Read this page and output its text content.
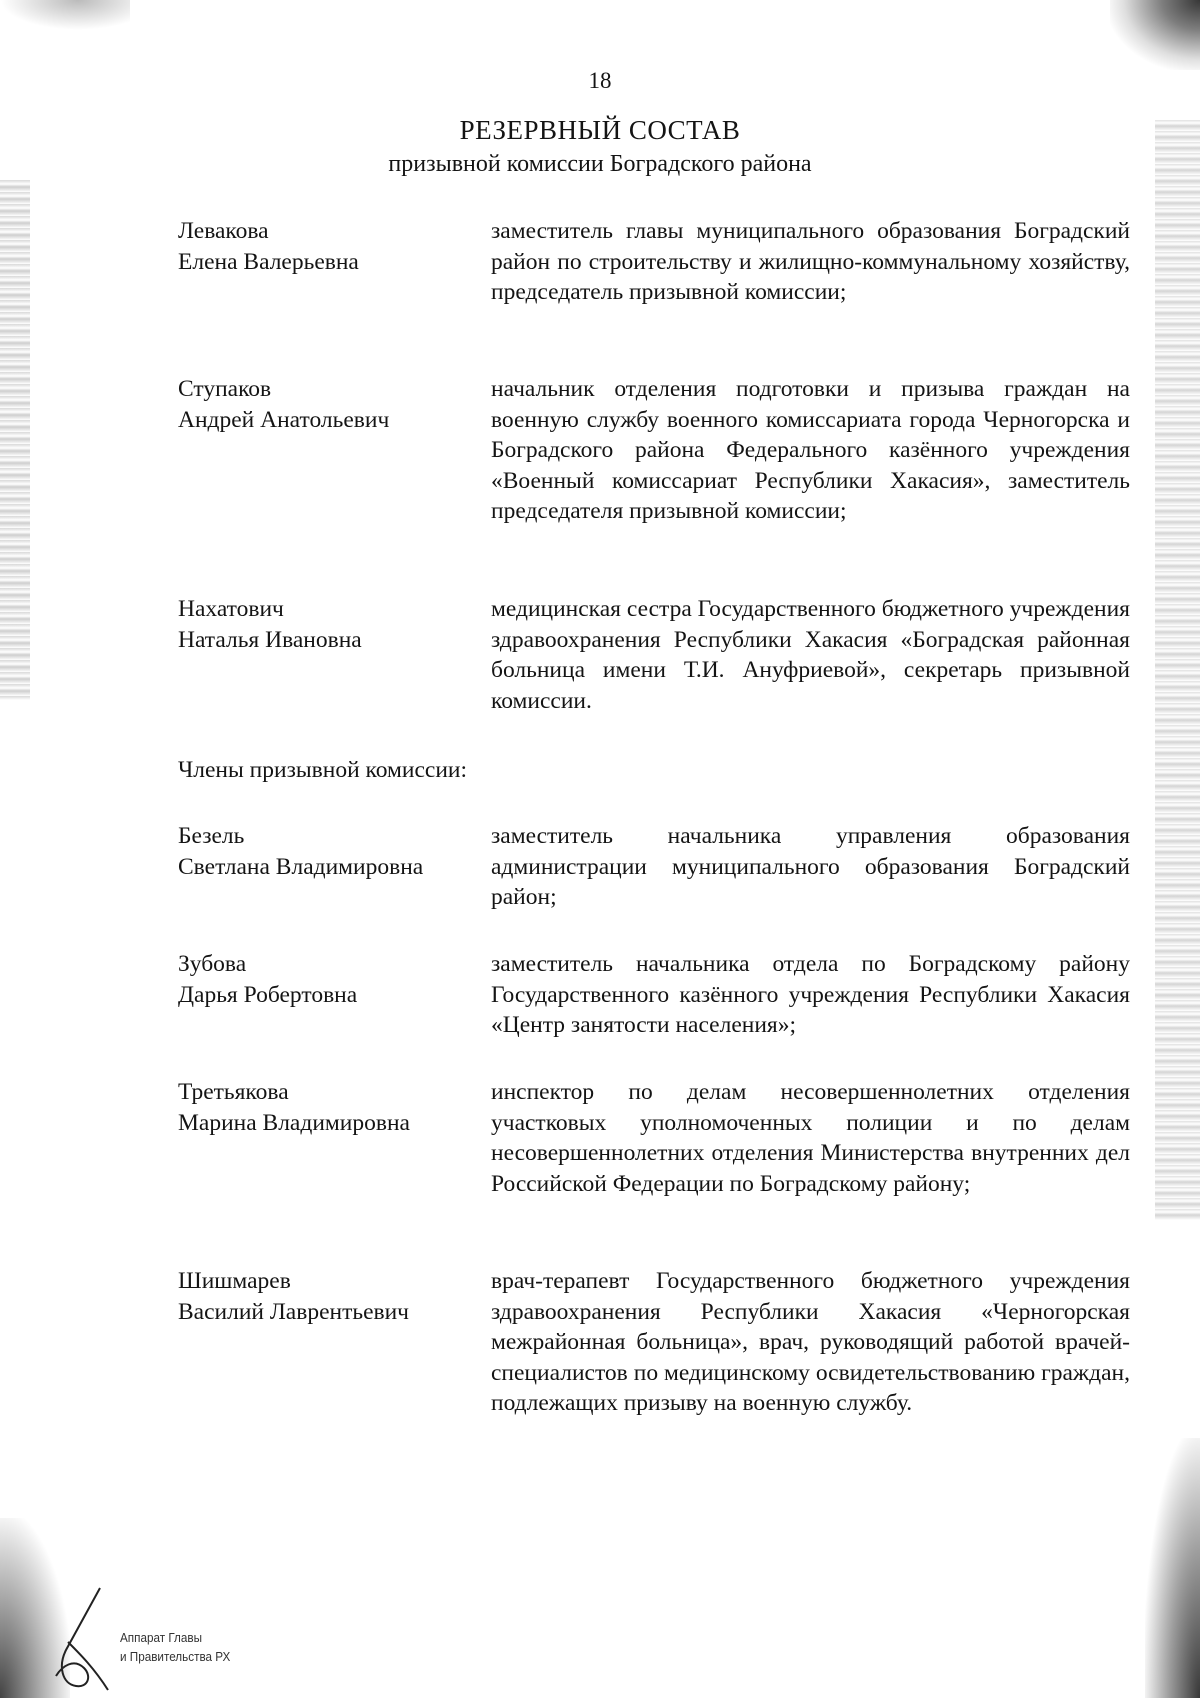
18
РЕЗЕРВНЫЙ СОСТАВ
призывной комиссии Боградского района
Левакова
Елена Валерьевна
заместитель главы муниципального образования Боградский район по строительству и жилищно-коммунальному хозяйству, председатель призывной комиссии;
Ступаков
Андрей Анатольевич
начальник отделения подготовки и призыва граждан на военную службу военного комиссариата города Черногорска и Боградского района Федерального казённого учреждения «Военный комиссариат Республики Хакасия», заместитель председателя призывной комиссии;
Нахатович
Наталья Ивановна
медицинская сестра Государственного бюджетного учреждения здравоохранения Республики Хакасия «Боградская районная больница имени Т.И. Ануфриевой», секретарь призывной комиссии.
Члены призывной комиссии:
Безель
Светлана Владимировна
заместитель начальника управления образования администрации муниципального образования Боградский район;
Зубова
Дарья Робертовна
заместитель начальника отдела по Боградскому району Государственного казённого учреждения Республики Хакасия «Центр занятости населения»;
Третьякова
Марина Владимировна
инспектор по делам несовершеннолетних отделения участковых уполномоченных полиции и по делам несовершеннолетних отделения Министерства внутренних дел Российской Федерации по Боградскому району;
Шишмарев
Василий Лаврентьевич
врач-терапевт Государственного бюджетного учреждения здравоохранения Республики Хакасия «Черногорская межрайонная больница», врач, руководящий работой врачей-специалистов по медицинскому освидетельствованию граждан, подлежащих призыву на военную службу.
Аппарат Главы
и Правительства РХ
